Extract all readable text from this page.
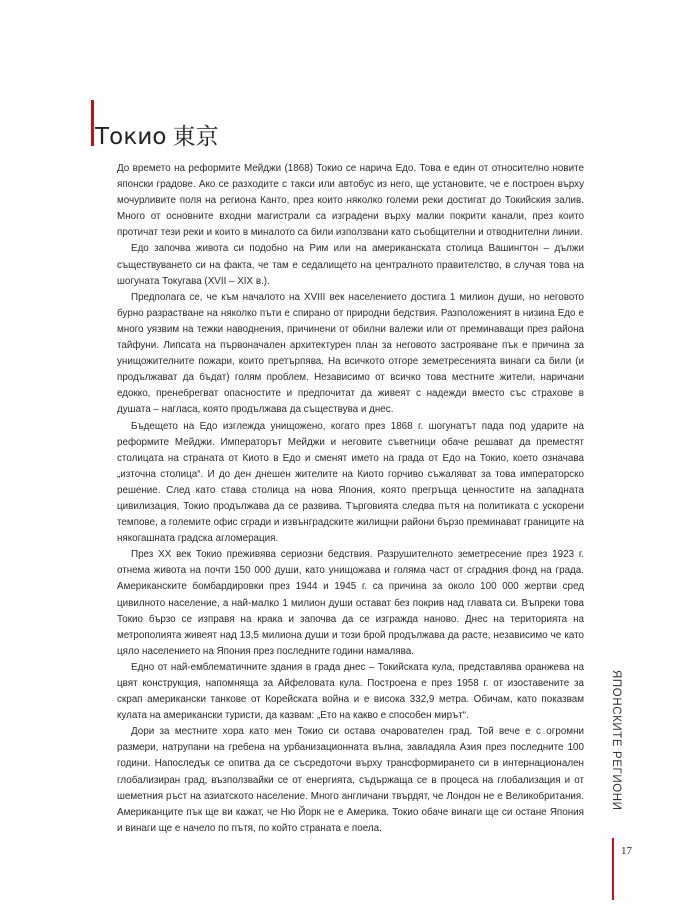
Токио 東京

До времето на реформите Мейджи (1868) Токио се нарича Едо. Това е един от относително новите японски градове. Ако се разходите с такси или автобус из него, ще установите, че е построен върху мочурливите поля на региона Канто, през които няколко големи реки достигат до Токийския залив. Много от основните входни магистрали са изградени върху малки покрити канали, през които протичат тези реки и които в миналото са били използвани като съобщителни и отводнителни линии.

Едо започва живота си подобно на Рим или на американската столица Вашингтон – дължи съществуването си на факта, че там е седалището на централното правителство, в случая това на шогуната Токугава (XVII – XIX в.).

Предполага се, че към началото на XVIII век населението достига 1 милион души, но неговото бурно разрастване на няколко пъти е спирано от природни бедствия. Разположеният в низина Едо е много уязвим на тежки наводнения, причинени от обилни валежи или от преминаващи през района тайфуни. Липсата на първоначален архитектурен план за неговото застрояване пък е причина за унищожителните пожари, които претърпява. На всичкото отгоре земетресенията винаги са били (и продължават да бъдат) голям проблем. Независимо от всичко това местните жители, наричани едокко, пренебрегват опасностите и предпочитат да живеят с надежди вместо със страхове в душата – нагласа, която продължава да съществува и днес.

Бъдещето на Едо изглежда унищожено, когато през 1868 г. шогунатът пада под ударите на реформите Мейджи. Императорът Мейджи и неговите съветници обаче решават да преместят столицата на страната от Киото в Едо и сменят името на града от Едо на Токио, което означава „източна столица“. И до ден днешен жителите на Киото горчиво съжаляват за това императорско решение. След като става столица на нова Япония, която прегръща ценностите на западната цивилизация, Токио продължава да се развива. Търговията следва пътя на политиката с ускорени темпове, а големите офис сгради и извънградските жилищни райони бързо преминават границите на някогашната градска агломерация.

През XX век Токио преживява сериозни бедствия. Разрушителното земетресение през 1923 г. отнема живота на почти 150 000 души, като унищожава и голяма част от сградния фонд на града. Американските бомбардировки през 1944 и 1945 г. са причина за около 100 000 жертви сред цивилното население, а най-малко 1 милион души остават без покрив над главата си. Въпреки това Токио бързо се изправя на крака и започва да се изгражда наново. Днес на територията на метрополията живеят над 13,5 милиона души и този брой продължава да расте, независимо че като цяло населението на Япония през последните години намалява.

Едно от най-емблематичните здания в града днес – Токийската кула, представлява оранжева на цвят конструкция, напомняща за Айфеловата кула. Построена е през 1958 г. от изоставените за скрап американски танкове от Корейската война и е висока 332,9 метра. Обичам, като показвам кулата на американски туристи, да казвам: „Ето на какво е способен мирът“.

Дори за местните хора като мен Токио си остава очарователен град. Той вече е с огромни размери, натрупани на гребена на урбанизационната вълна, завладяла Азия през последните 100 години. Напоследък се опитва да се съсредоточи върху трансформирането си в интернационален глобализиран град, възползвайки се от енергията, съдържаща се в процеса на глобализация и от шеметния ръст на азиатското население. Много англичани твърдят, че Лондон не е Великобритания. Американците пък ще ви кажат, че Ню Йорк не е Америка. Токио обаче винаги ще си остане Япония и винаги ще е начело по пътя, по който страната е поела.

ЯПОНСКИТЕ РЕГИОНИ
17
